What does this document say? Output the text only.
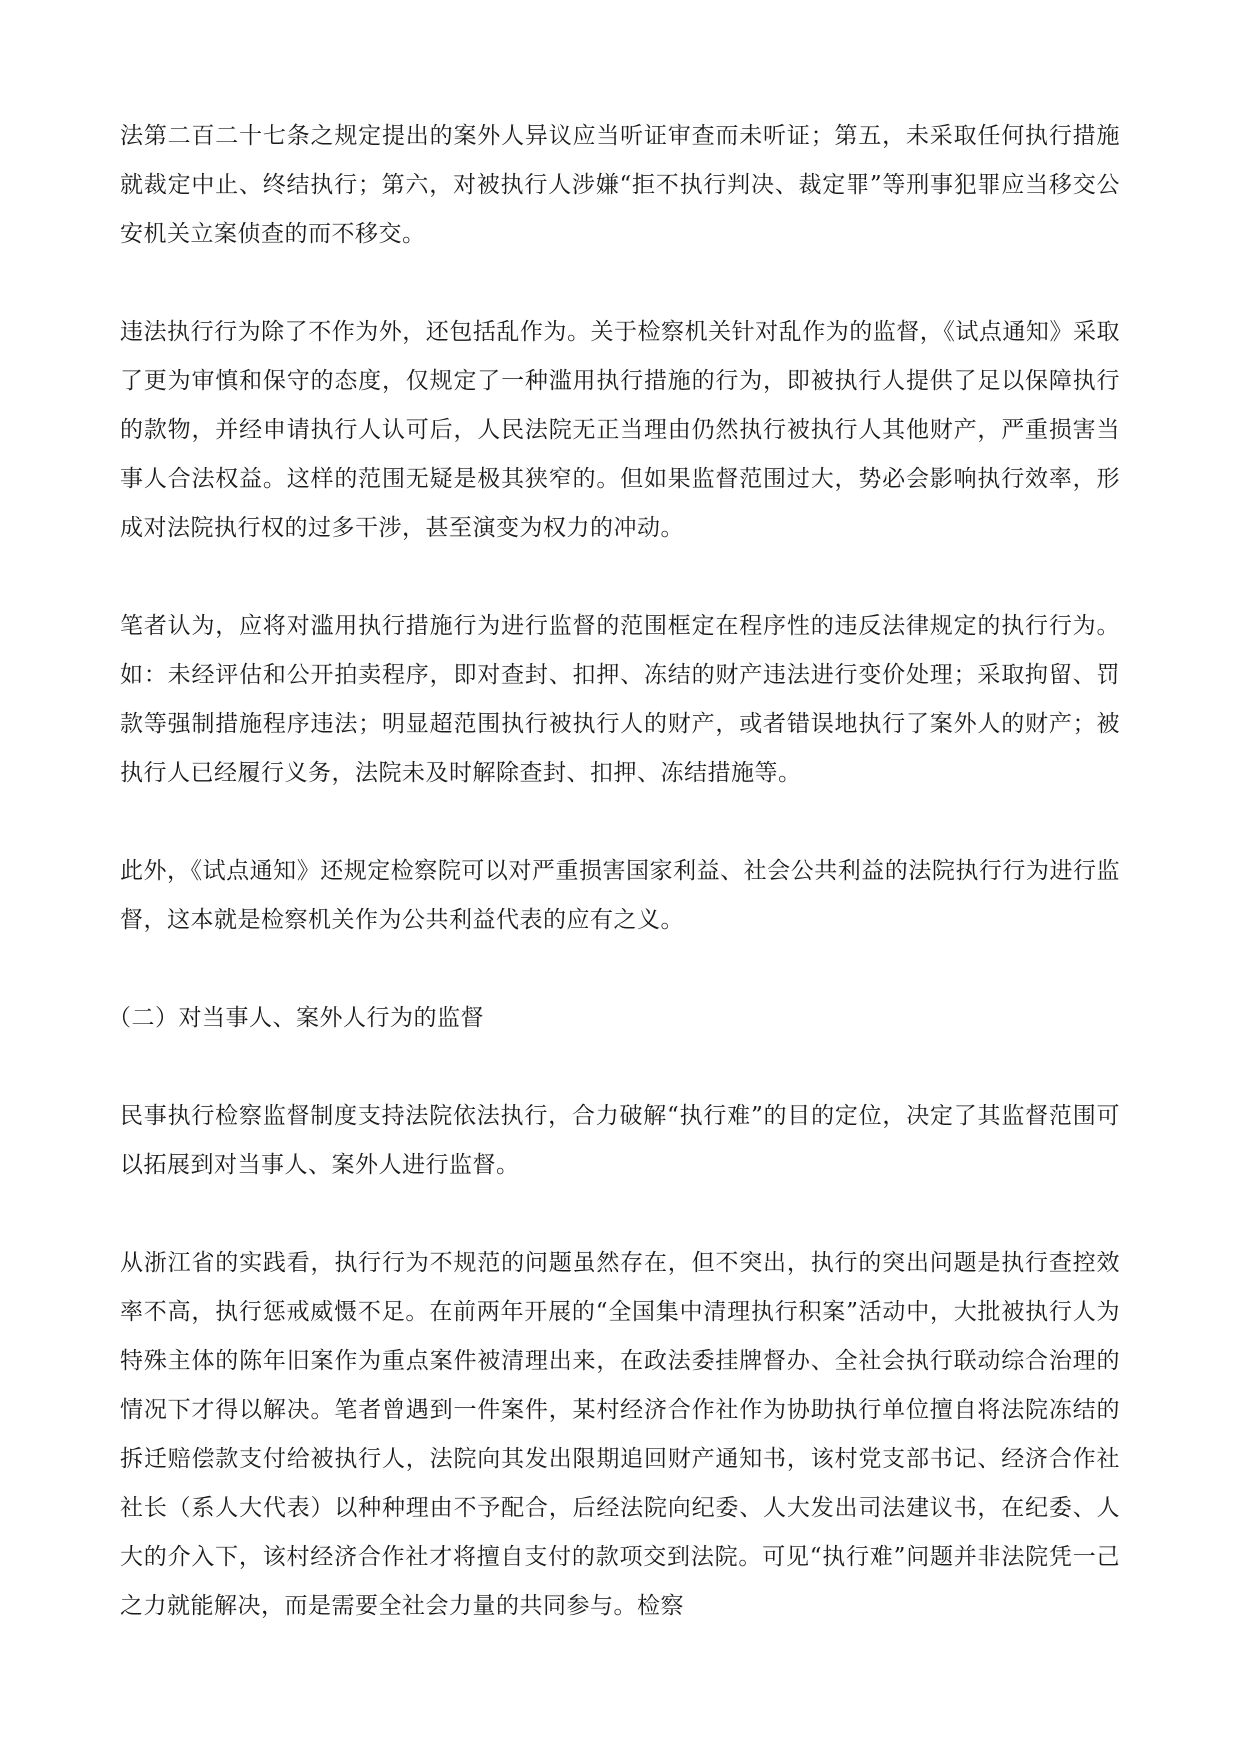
法第二百二十七条之规定提出的案外人异议应当听证审查而未听证；第五，未采取任何执行措施就裁定中止、终结执行；第六，对被执行人涉嫌“拒不执行判决、裁定罪”等刑事犯罪应当移交公安机关立案侦查的而不移交。

违法执行行为除了不作为外，还包括乱作为。关于检察机关针对乱作为的监督，《试点通知》采取了更为审慎和保守的态度，仅规定了一种滥用执行措施的行为，即被执行人提供了足以保障执行的款物，并经申请执行人认可后，人民法院无正当理由仍然执行被执行人其他财产，严重损害当事人合法权益。这样的范围无疑是极其狭窄的。但如果监督范围过大，势必会影响执行效率，形成对法院执行权的过多干涉，甚至演变为权力的冲动。

笔者认为，应将对滥用执行措施行为进行监督的范围框定在程序性的违反法律规定的执行行为。如：未经评估和公开拍卖程序，即对查封、扣押、冻结的财产违法进行变价处理；采取拘留、罚款等强制措施程序违法；明显超范围执行被执行人的财产，或者错误地执行了案外人的财产；被执行人已经履行义务，法院未及时解除查封、扣押、冻结措施等。

此外，《试点通知》还规定检察院可以对严重损害国家利益、社会公共利益的法院执行行为进行监督，这本就是检察机关作为公共利益代表的应有之义。

（二）对当事人、案外人行为的监督

民事执行检察监督制度支持法院依法执行，合力破解“执行难”的目的定位，决定了其监督范围可以拓展到对当事人、案外人进行监督。

从浙江省的实践看，执行行为不规范的问题虽然存在，但不突出，执行的突出问题是执行查控效率不高，执行惩戒威慑不足。在前两年开展的“全国集中清理执行积案”活动中，大批被执行人为特殊主体的陈年旧案作为重点案件被清理出来，在政法委挂牌督办、全社会执行联动综合治理的情况下才得以解决。笔者曾遇到一件案件，某村经济合作社作为协助执行单位擅自将法院冻结的拆迁赔偿款支付给被执行人，法院向其发出限期追回财产通知书，该村党支部书记、经济合作社社长（系人大代表）以种种理由不予配合，后经法院向纪委、人大发出司法建议书，在纪委、人大的介入下，该村经济合作社才将擅自支付的款项交到法院。可见“执行难”问题并非法院凭一己之力就能解决，而是需要全社会力量的共同参与。检察
